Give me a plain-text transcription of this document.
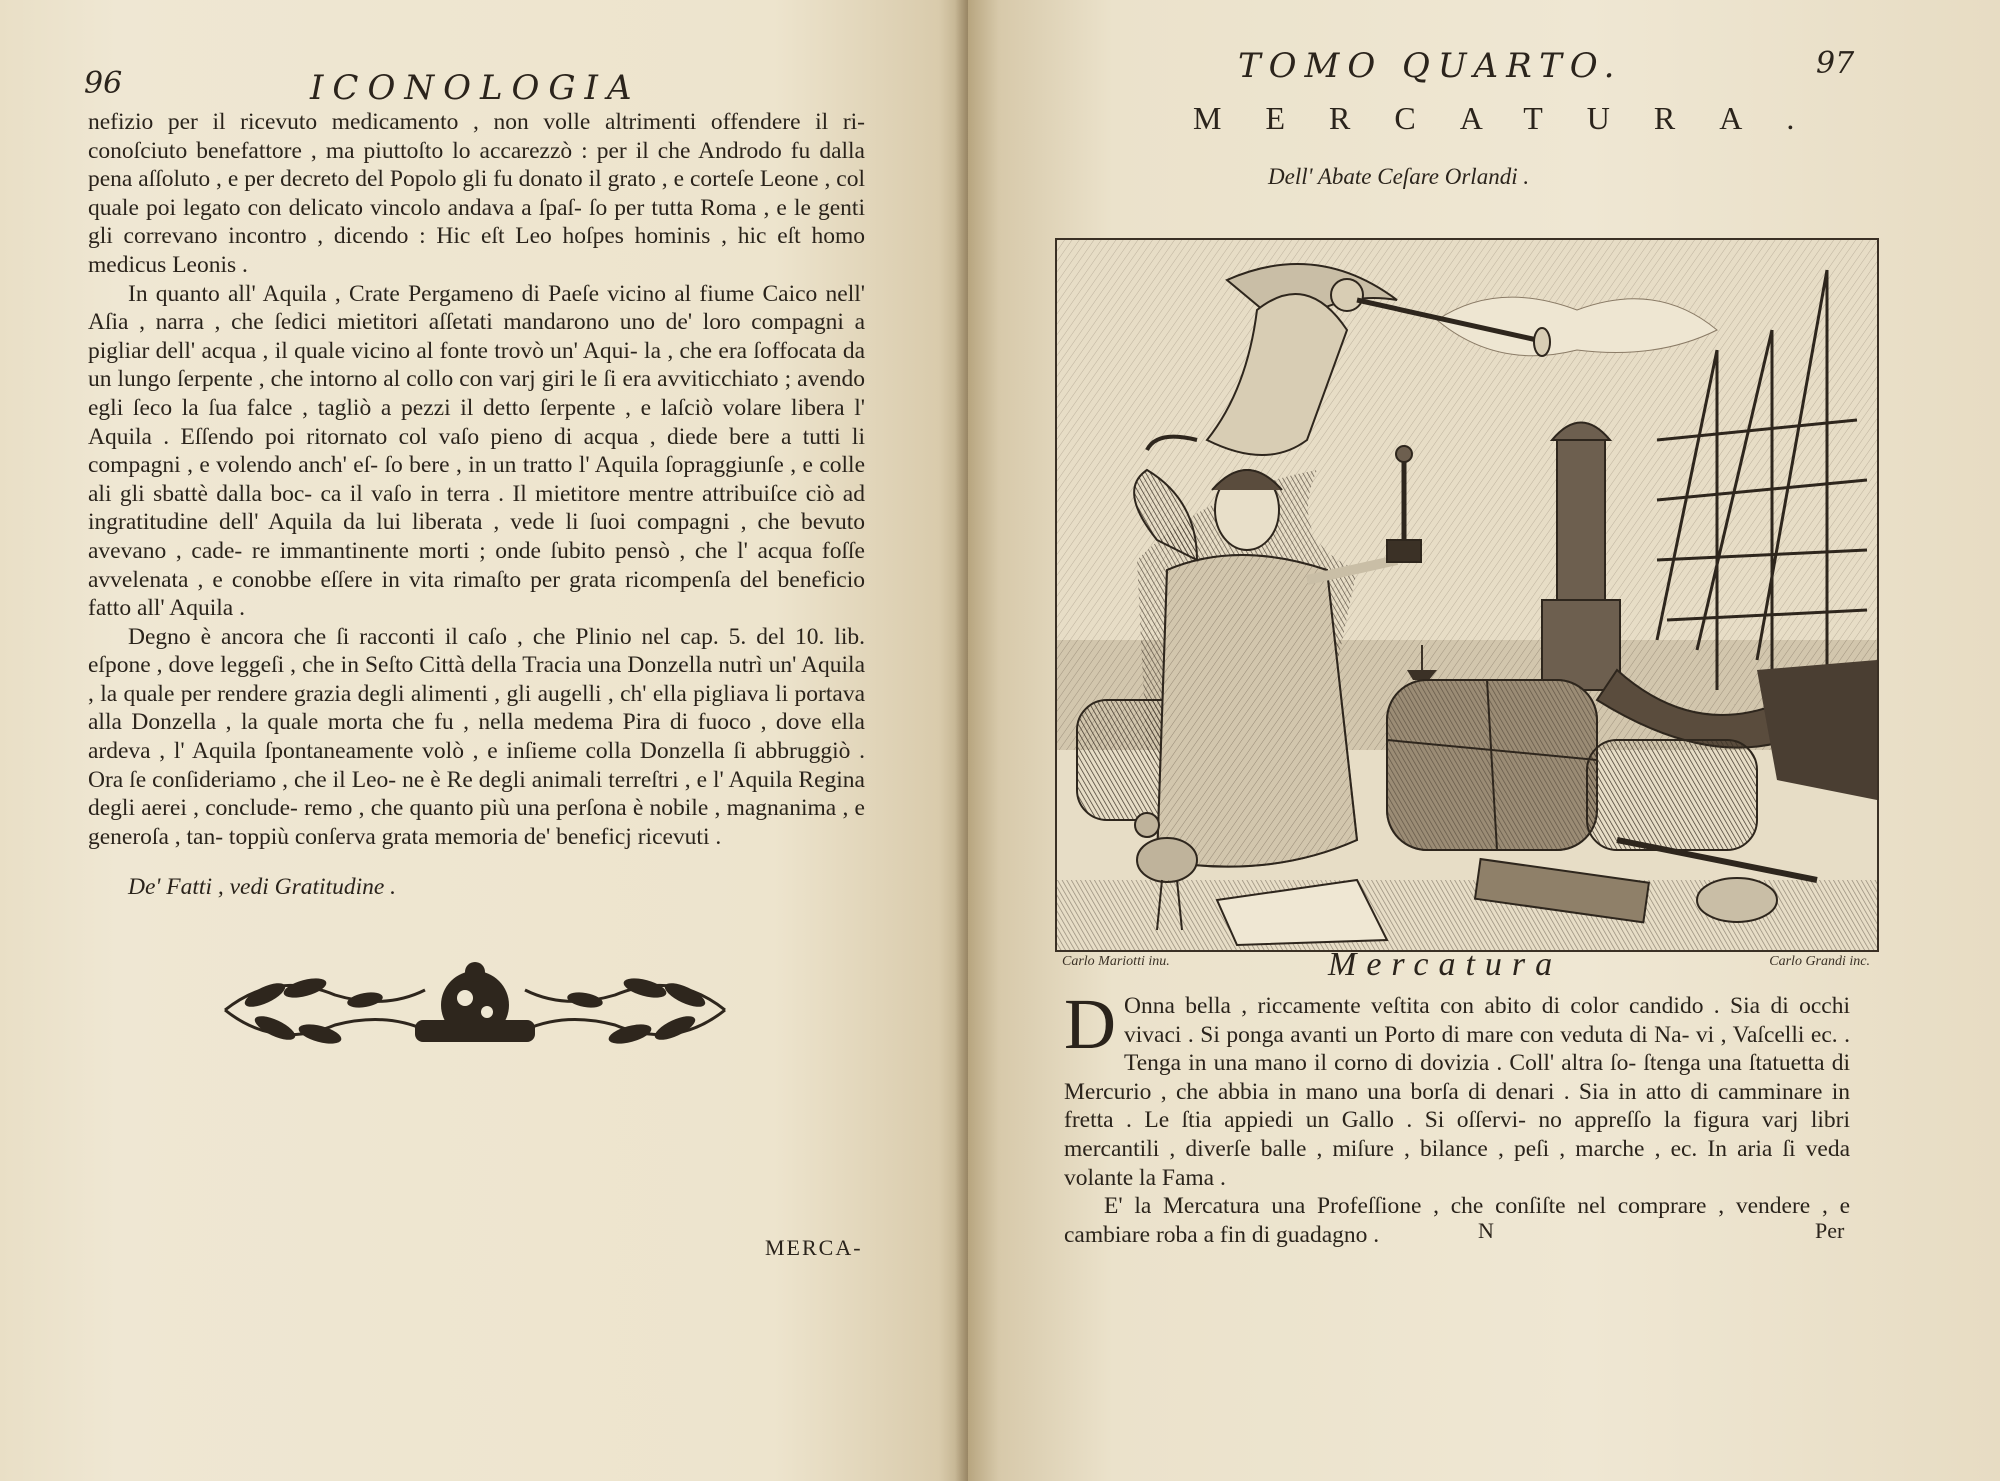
96	ICONOLOGIA

nefizio per il ricevuto medicamento , non volle altrimenti offendere il ri- conoſciuto benefattore , ma piuttoſto lo accarezzò : per il che Androdo fu dalla pena aſſoluto , e per decreto del Popolo gli fu donato il grato , e corteſe Leone , col quale poi legato con delicato vincolo andava a ſpaſ- ſo per tutta Roma , e le genti gli correvano incontro , dicendo : Hic eſt Leo hoſpes hominis , hic eſt homo medicus Leonis .

In quanto all' Aquila , Crate Pergameno di Paeſe vicino al fiume Caico nell' Aſia , narra , che ſedici mietitori aſſetati mandarono uno de' loro compagni a pigliar dell' acqua , il quale vicino al fonte trovò un' Aqui- la , che era ſoffocata da un lungo ſerpente , che intorno al collo con varj giri le ſi era avviticchiato ; avendo egli ſeco la ſua falce , tagliò a pezzi il detto ſerpente , e laſciò volare libera l' Aquila . Eſſendo poi ritornato col vaſo pieno di acqua , diede bere a tutti li compagni , e volendo anch' eſ- ſo bere , in un tratto l' Aquila ſopraggiunſe , e colle ali gli sbattè dalla boc- ca il vaſo in terra . Il mietitore mentre attribuiſce ciò ad ingratitudine dell' Aquila da lui liberata , vede li ſuoi compagni , che bevuto avevano , cade- re immantinente morti ; onde ſubito pensò , che l' acqua foſſe avvelenata , e conobbe eſſere in vita rimaſto per grata ricompenſa del beneficio fatto all' Aquila .

Degno è ancora che ſi racconti il caſo , che Plinio nel cap. 5. del 10. lib. eſpone , dove leggeſi , che in Seſto Città della Tracia una Donzella nutrì un' Aquila , la quale per rendere grazia degli alimenti , gli augelli , ch' ella pigliava li portava alla Donzella , la quale morta che fu , nella medema Pira di fuoco , dove ella ardeva , l' Aquila ſpontaneamente volò , e inſieme colla Donzella ſi abbruggiò . Ora ſe conſideriamo , che il Leo- ne è Re degli animali terreſtri , e l' Aquila Regina degli aerei , conclude- remo , che quanto più una perſona è nobile , magnanima , e generoſa , tan- toppiù conſerva grata memoria de' beneficj ricevuti .

De' Fatti , vedi Gratitudine .

MERCA-
TOMO QUARTO.	97
MERCATURA.
Dell' Abate Ceſare Orlandi .
Carlo Mariotti inu.	Mercatura	Carlo Grandi inc.

D Onna bella , riccamente veſtita con abito di color candido . Sia di occhi vivaci . Si ponga avanti un Porto di mare con veduta di Na- vi , Vaſcelli ec. . Tenga in una mano il corno di dovizia . Coll' altra ſo- ſtenga una ſtatuetta di Mercurio , che abbia in mano una borſa di denari . Sia in atto di camminare in fretta . Le ſtia appiedi un Gallo . Si oſſervi- no appreſſo la figura varj libri mercantili , diverſe balle , miſure , bilance , peſi , marche , ec. In aria ſi veda volante la Fama .

E' la Mercatura una Profeſſione , che conſiſte nel comprare , vendere , e cambiare roba a fin di guadagno .	N	Per
